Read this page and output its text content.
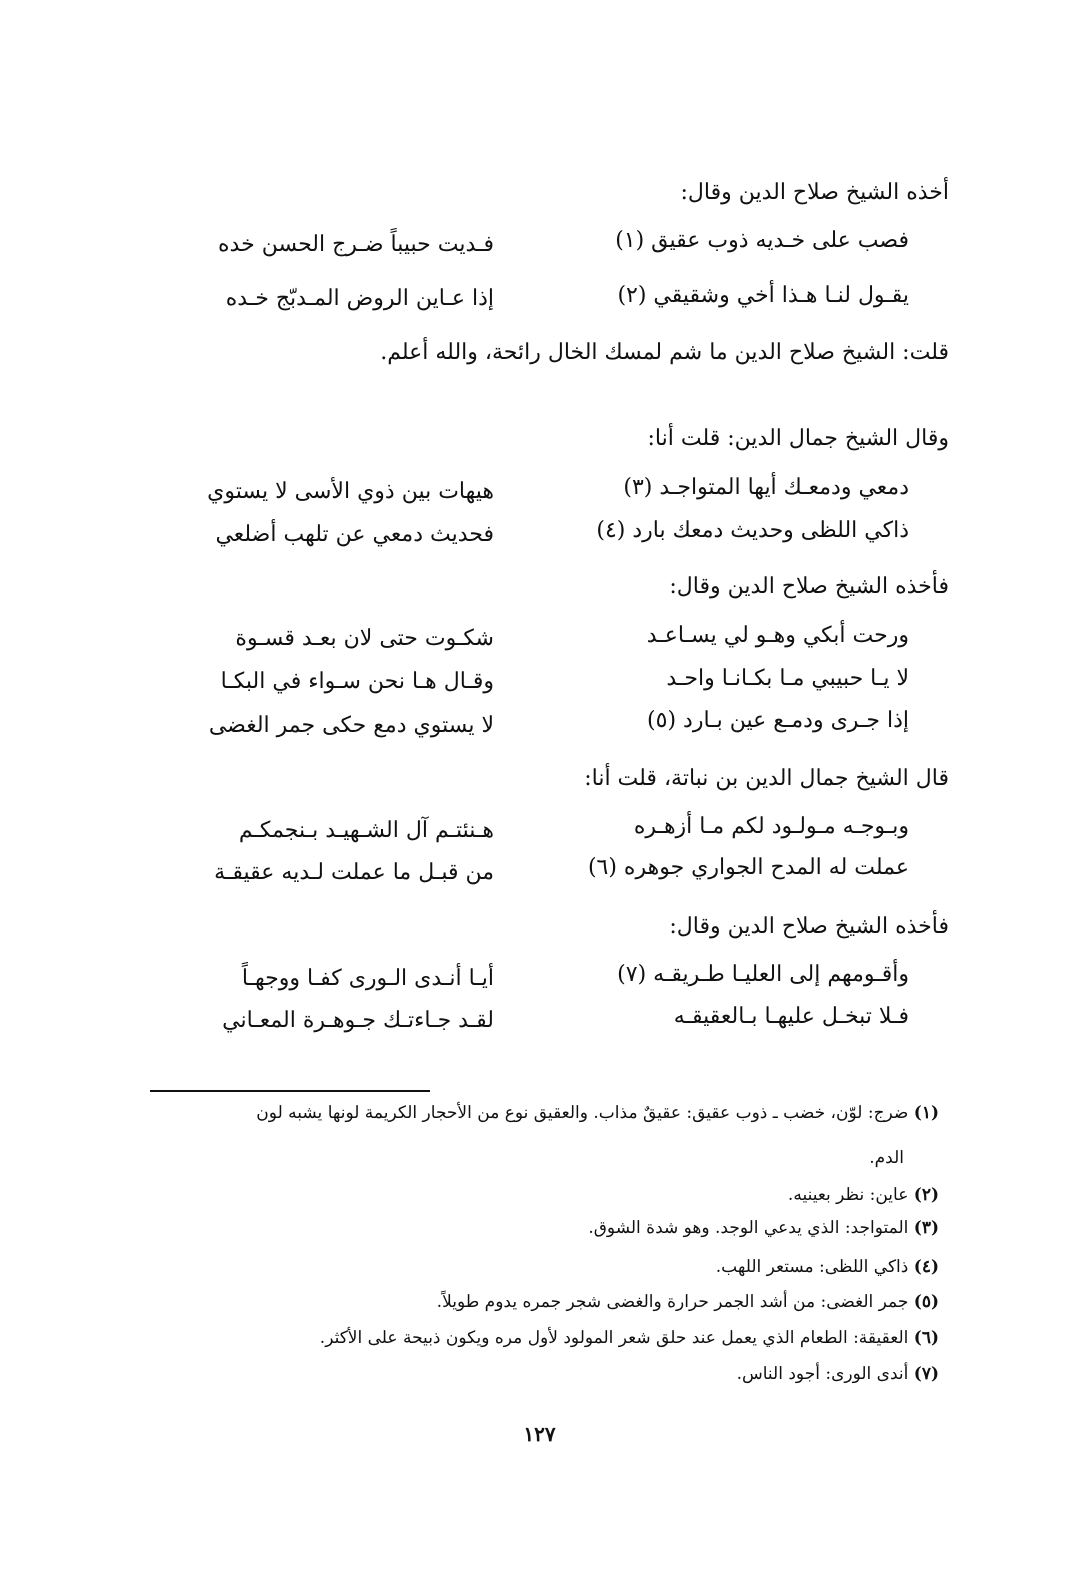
أخذه الشيخ صلاح الدين وقال:
فـديت حبيباً ضـرج الحسن خده	فصب على خـديه ذوب عقيق (١)
إذا عـاين الروض المـدبّج خـده	يقـول لنـا هـذا أخي وشقيقي (٢)
قلت: الشيخ صلاح الدين ما شم لمسك الخال رائحة، والله أعلم.
وقال الشيخ جمال الدين: قلت أنا:
هيهات بين ذوي الأسى لا يستوي	دمعي ودمعـك أيها المتواجـد (٣)
فحديث دمعي عن تلهب أضلعي	ذاكي اللظى وحديث دمعك بارد (٤)
فأخذه الشيخ صلاح الدين وقال:
شكـوت حتى لان بعـد قسـوة	ورحت أبكي وهـو لي يسـاعـد
وقـال هـا نحن سـواء في البكـا	لا يـا حبيبي مـا بكـانـا واحـد
لا يستوي دمع حكى جمر الغضى	إذا جـرى ودمـع عين بـارد (٥)
قال الشيخ جمال الدين بن نباتة، قلت أنا:
هـنئتـم آل الشـهيـد بـنجمكـم	وبـوجـه مـولـود لكم مـا أزهـره
من قبـل ما عملت لـديه عقيقـة	عملت له المدح الجواري جوهره (٦)
فأخذه الشيخ صلاح الدين وقال:
أيـا أنـدى الـورى كفـا ووجهـاً	وأقـومهم إلى العليـا طـريقـه (٧)
لقـد جـاءتـك جـوهـرة المعـاني	فـلا تبخـل عليهـا بـالعقيقـه
(١) ضرج: لوّن، خضب ـ ذوب عقيق: عقيقٌ مذاب. والعقيق نوع من الأحجار الكريمة لونها يشبه لون
الدم.
(٢) عاين: نظر بعينيه.
(٣) المتواجد: الذي يدعي الوجد. وهو شدة الشوق.
(٤) ذاكي اللظى: مستعر اللهب.
(٥) جمر الغضى: من أشد الجمر حرارة والغضى شجر جمره يدوم طويلاً.
(٦) العقيقة: الطعام الذي يعمل عند حلق شعر المولود لأول مره ويكون ذبيحة على الأكثر.
(٧) أندى الورى: أجود الناس.
١٢٧
